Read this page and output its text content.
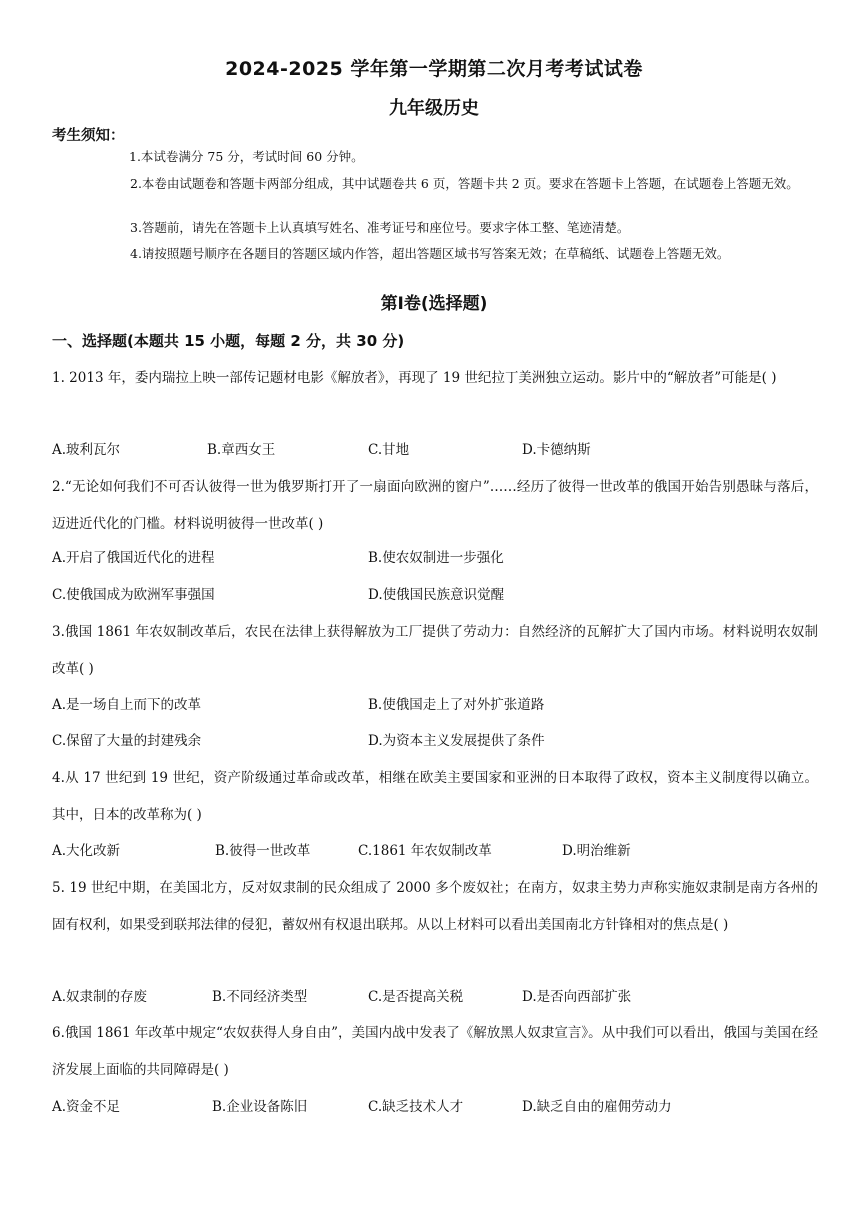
2024-2025 学年第一学期第二次月考考试试卷
九年级历史
考生须知：
1.本试卷满分 75 分，考试时间 60 分钟。
2.本卷由试题卷和答题卡两部分组成，其中试题卷共 6 页，答题卡共 2 页。要求在答题卡上答题，在试题卷上答题无效。
3.答题前，请先在答题卡上认真填写姓名、准考证号和座位号。要求字体工整、笔迹清楚。
4.请按照题号顺序在各题目的答题区域内作答，超出答题区域书写答案无效；在草稿纸、试题卷上答题无效。
第Ⅰ卷(选择题)
一、选择题(本题共 15 小题，每题 2 分，共 30 分)
1. 2013 年，委内瑞拉上映一部传记题材电影《解放者》，再现了 19 世纪拉丁美洲独立运动。影片中的“解放者”可能是( )
A.玻利瓦尔	B.章西女王	C.甘地	D.卡德纳斯
2.“无论如何我们不可否认彼得一世为俄罗斯打开了一扇面向欧洲的窗户”……经历了彼得一世改革的俄国开始告别愚昧与落后，迈进近代化的门槛。材料说明彼得一世改革( )
A.开启了俄国近代化的进程	B.使农奴制进一步强化
C.使俄国成为欧洲军事强国	D.使俄国民族意识觉醒
3.俄国 1861 年农奴制改革后，农民在法律上获得解放为工厂提供了劳动力：自然经济的瓦解扩大了国内市场。材料说明农奴制改革( )
A.是一场自上而下的改革	B.使俄国走上了对外扩张道路
C.保留了大量的封建残余	D.为资本主义发展提供了条件
4.从 17 世纪到 19 世纪，资产阶级通过革命或改革，相继在欧美主要国家和亚洲的日本取得了政权，资本主义制度得以确立。其中，日本的改革称为( )
A.大化改新	B.彼得一世改革	C.1861 年农奴制改革	D.明治维新
5. 19 世纪中期，在美国北方，反对奴隶制的民众组成了 2000 多个废奴社；在南方，奴隶主势力声称实施奴隶制是南方各州的固有权利，如果受到联邦法律的侵犯，蓄奴州有权退出联邦。从以上材料可以看出美国南北方针锋相对的焦点是( )
A.奴隶制的存废	B.不同经济类型	C.是否提高关税	D.是否向西部扩张
6.俄国 1861 年改革中规定“农奴获得人身自由”，美国内战中发表了《解放黑人奴隶宣言》。从中我们可以看出，俄国与美国在经济发展上面临的共同障碍是( )
A.资金不足	B.企业设备陈旧	C.缺乏技术人才	D.缺乏自由的雇佣劳动力
